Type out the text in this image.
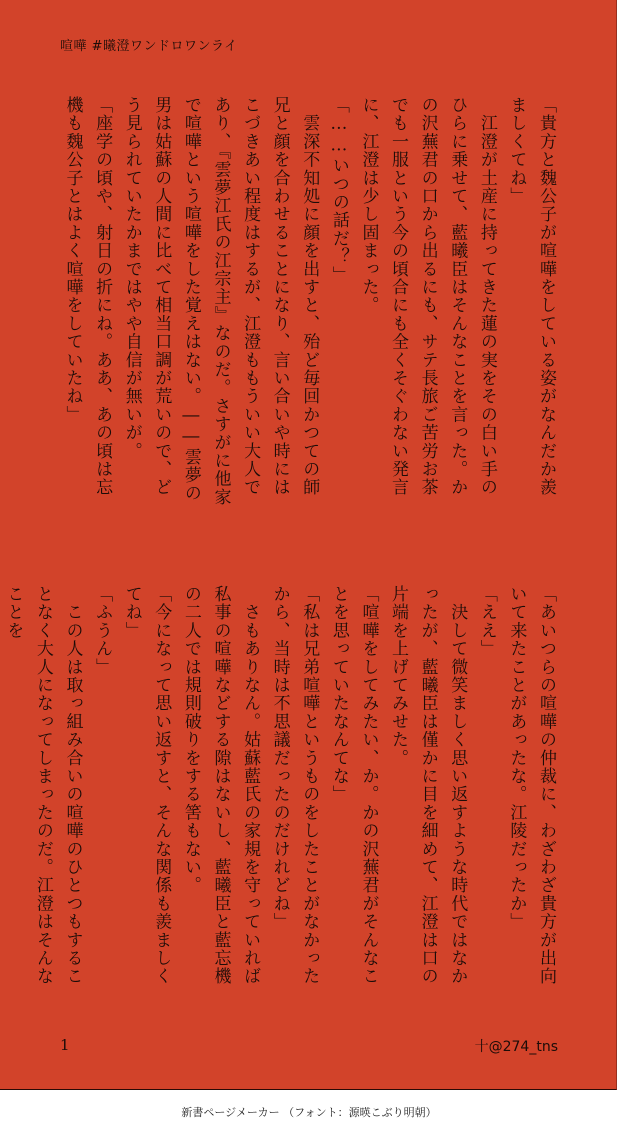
喧嘩 #曦澄ワンドロワンライ

「貴方と魏公子が喧嘩をしている姿がなんだか羨ましくてね」

　江澄が土産に持ってきた蓮の実をその白い手のひらに乗せて、藍曦臣はそんなことを言った。かの沢蕪君の口から出るにも、サテ長旅ご苦労お茶でも一服という今の頃合にも全くそぐわない発言に、江澄は少し固まった。

「……いつの話だ？」

　雲深不知処に顔を出すと、殆ど毎回かつての師兄と顔を合わせることになり、言い合いや時にはこづきあい程度はするが、江澄ももういい大人であり、『雲夢江氏の江宗主』なのだ。さすがに他家で喧嘩という喧嘩をした覚えはない。――雲夢の男は姑蘇の人間に比べて相当口調が荒いので、どう見られていたかまではやや自信が無いが。

「座学の頃や、射日の折にね。ああ、あの頃は忘機も魏公子とはよく喧嘩をしていたね」

「あいつらの喧嘩の仲裁に、わざわざ貴方が出向いて来たことがあったな。江陵だったか」

「ええ」

　決して微笑ましく思い返すような時代ではなかったが、藍曦臣は僅かに目を細めて、江澄は口の片端を上げてみせた。

「喧嘩をしてみたい、か。かの沢蕪君がそんなことを思っていたなんてな」

「私は兄弟喧嘩というものをしたことがなかったから、当時は不思議だったのだけれどね」

　さもありなん。姑蘇藍氏の家規を守っていれば私事の喧嘩などする隙はないし、藍曦臣と藍忘機の二人では規則破りをする筈もない。

「今になって思い返すと、そんな関係も羨ましくてね」

「ふうん」

　この人は取っ組み合いの喧嘩のひとつもすることなく大人になってしまったのだ。江澄はそんなことを

1	十@274_tns
新書ページメーカー （フォント：源暎こぶり明朝）
